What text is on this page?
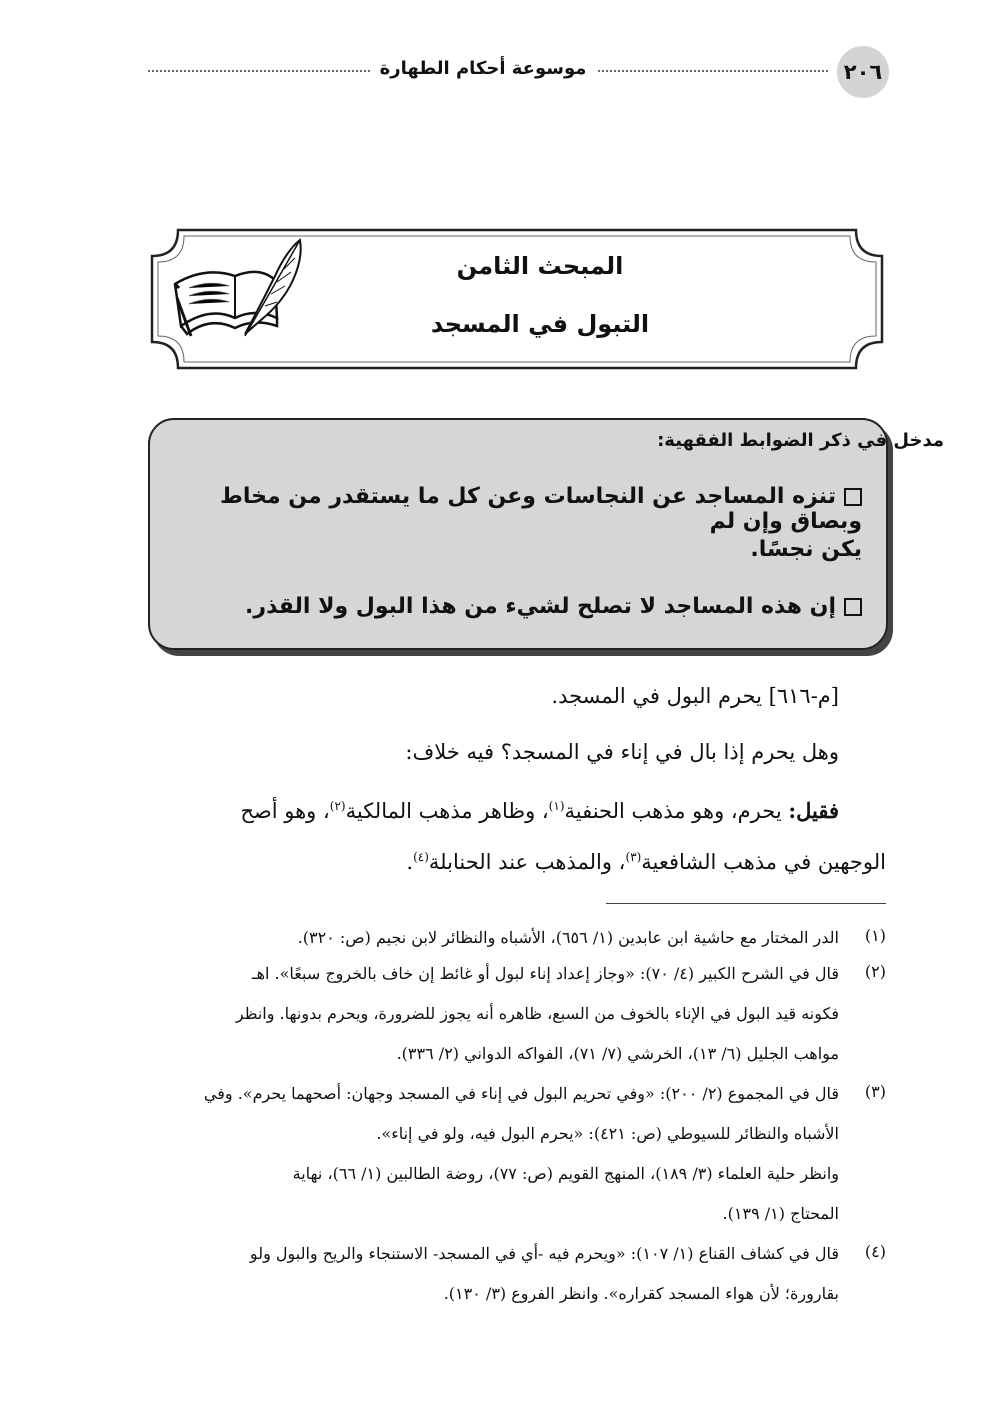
٢٠٦
موسوعة أحكام الطهارة
المبحث الثامن
التبول في المسجد
مدخل في ذكر الضوابط الفقهية:
تنزه المساجد عن النجاسات وعن كل ما يستقدر من مخاط وبصاق وإن لم
يكن نجسًا.
إن هذه المساجد لا تصلح لشيء من هذا البول ولا القذر.
[م-٦١٦] يحرم البول في المسجد.
وهل يحرم إذا بال في إناء في المسجد؟ فيه خلاف:
فقيل: يحرم، وهو مذهب الحنفية$^{(١)}$، وظاهر مذهب المالكية$^{(٢)}$، وهو أصح
الوجهين في مذهب الشافعية$^{(٣)}$، والمذهب عند الحنابلة$^{(٤)}$.
(١)
الدر المختار مع حاشية ابن عابدين (١/ ٦٥٦)، الأشباه والنظائر لابن نجيم (ص: ٣٢٠).
(٢)
قال في الشرح الكبير (٤/ ٧٠): «وجاز إعداد إناء لبول أو غائط إن خاف بالخروج سبعًا». اهـ
فكونه قيد البول في الإناء بالخوف من السبع، ظاهره أنه يجوز للضرورة، ويحرم بدونها. وانظر
مواهب الجليل (٦/ ١٣)، الخرشي (٧/ ٧١)، الفواكه الدواني (٢/ ٣٣٦).
(٣)
قال في المجموع (٢/ ٢٠٠): «وفي تحريم البول في إناء في المسجد وجهان: أصحهما يحرم». وفي
الأشباه والنظائر للسيوطي (ص: ٤٢١): «يحرم البول فيه، ولو في إناء».
وانظر حلية العلماء (٣/ ١٨٩)، المنهج القويم (ص: ٧٧)، روضة الطالبين (١/ ٦٦)، نهاية
المحتاج (١/ ١٣٩).
(٤)
قال في كشاف القناع (١/ ١٠٧): «ويحرم فيه -أي في المسجد- الاستنجاء والريح والبول ولو
بقارورة؛ لأن هواء المسجد كقراره». وانظر الفروع (٣/ ١٣٠).
